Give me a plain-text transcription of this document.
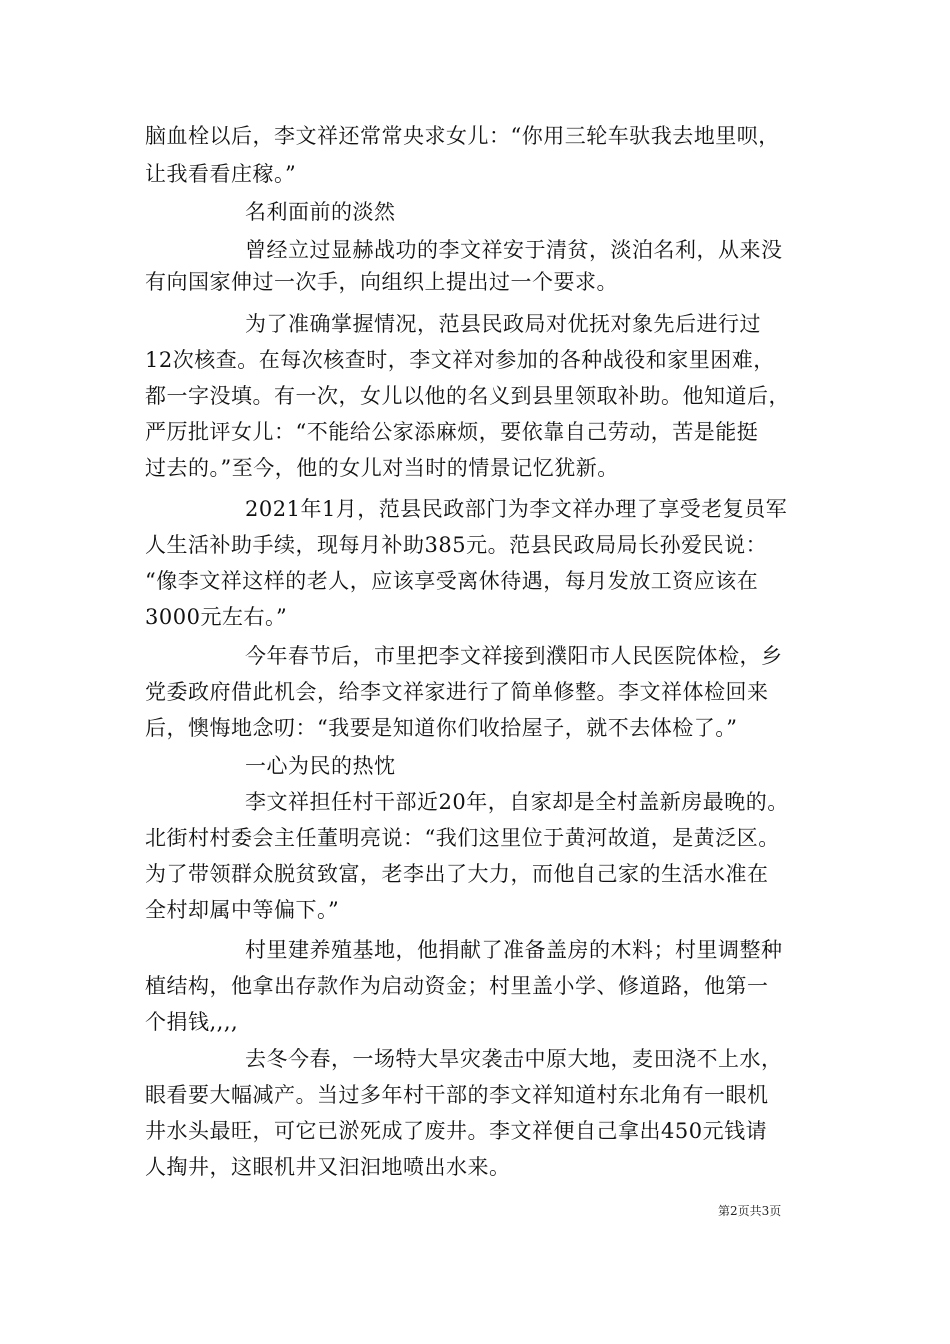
脑血栓以后，李文祥还常常央求女儿：“你用三轮车驮我去地里呗，
让我看看庄稼。”
名利面前的淡然
曾经立过显赫战功的李文祥安于清贫，淡泊名利，从来没
有向国家伸过一次手，向组织上提出过一个要求。
为了准确掌握情况，范县民政局对优抚对象先后进行过
12次核查。在每次核查时，李文祥对参加的各种战役和家里困难，
都一字没填。有一次，女儿以他的名义到县里领取补助。他知道后，
严厉批评女儿：“不能给公家添麻烦，要依靠自己劳动，苦是能挺
过去的。”至今，他的女儿对当时的情景记忆犹新。
2021年1月，范县民政部门为李文祥办理了享受老复员军
人生活补助手续，现每月补助385元。范县民政局局长孙爱民说：
“像李文祥这样的老人，应该享受离休待遇，每月发放工资应该在
3000元左右。”
今年春节后，市里把李文祥接到濮阳市人民医院体检，乡
党委政府借此机会，给李文祥家进行了简单修整。李文祥体检回来
后，懊悔地念叨：“我要是知道你们收拾屋子，就不去体检了。”
一心为民的热忱
李文祥担任村干部近20年，自家却是全村盖新房最晚的。
北街村村委会主任董明亮说：“我们这里位于黄河故道，是黄泛区。
为了带领群众脱贫致富，老李出了大力，而他自己家的生活水准在
全村却属中等偏下。”
村里建养殖基地，他捐献了准备盖房的木料；村里调整种
植结构，他拿出存款作为启动资金；村里盖小学、修道路，他第一
个捐钱,,,,
去冬今春，一场特大旱灾袭击中原大地，麦田浇不上水，
眼看要大幅减产。当过多年村干部的李文祥知道村东北角有一眼机
井水头最旺，可它已淤死成了废井。李文祥便自己拿出450元钱请
人掏井，这眼机井又汩汩地喷出水来。
第2页共3页
